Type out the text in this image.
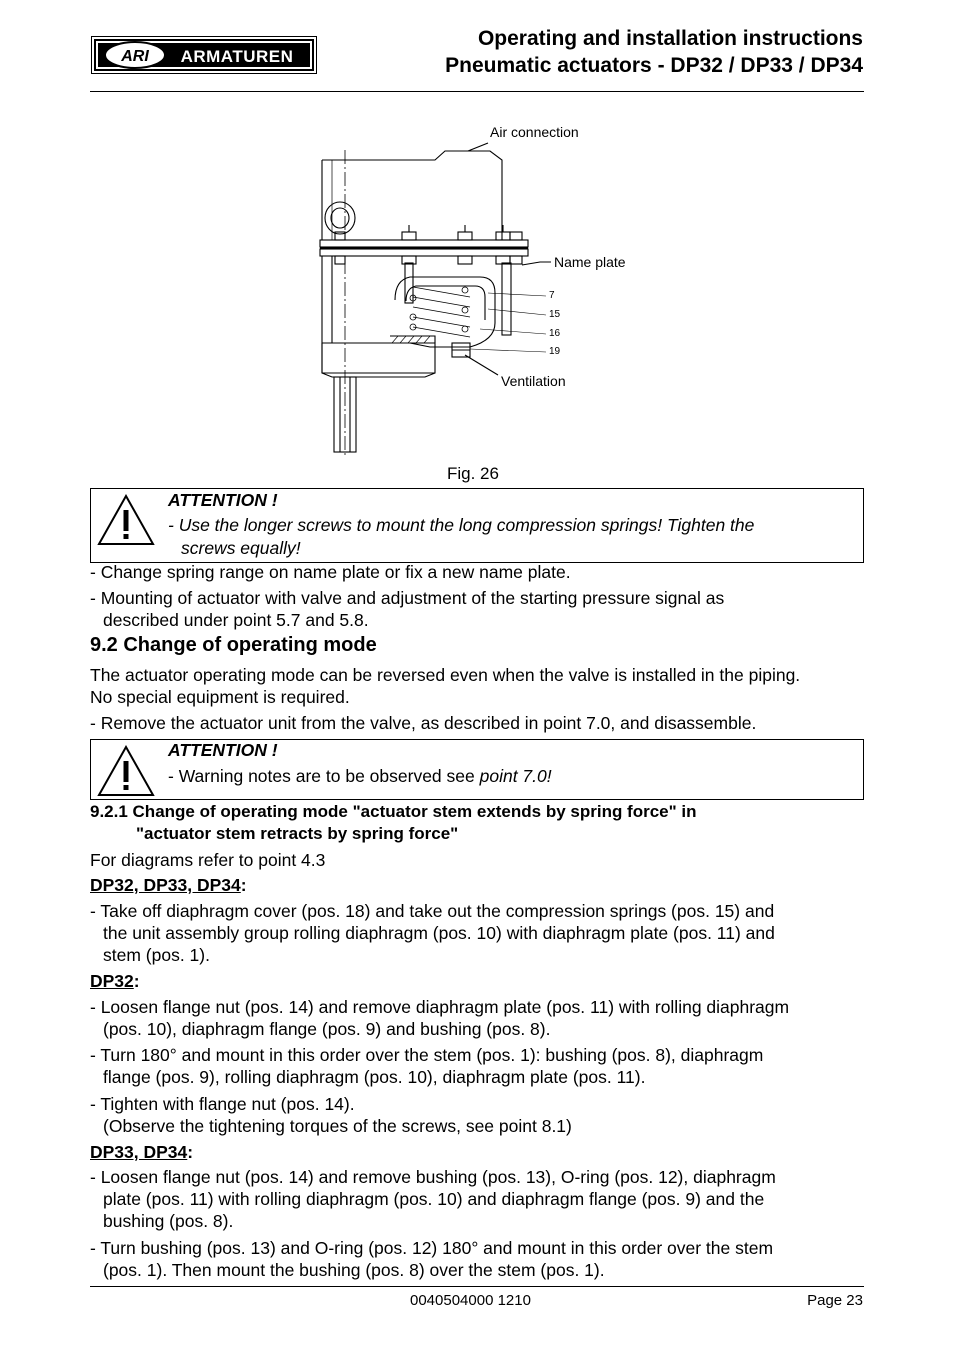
ARI ARMATUREN
Operating and installation instructions
Pneumatic actuators - DP32 / DP33 / DP34
Air connection
Name plate
7
15
16
19
Ventilation
Fig. 26
ATTENTION !
- Use the longer screws to mount the long compression springs! Tighten the
screws equally!
- Change spring range on name plate or fix a new name plate.
- Mounting of actuator with valve and adjustment of the starting pressure signal as
described under point 5.7 and 5.8.
9.2 Change of operating mode
The actuator operating mode can be reversed even when the valve is installed in the piping.
No special equipment is required.
- Remove the actuator unit from the valve, as described in point 7.0, and disassemble.
ATTENTION !
- Warning notes are to be observed see point 7.0!
9.2.1 Change of operating mode "actuator stem extends by spring force" in
"actuator stem retracts by spring force"
For diagrams refer to point 4.3
DP32, DP33, DP34:
- Take off diaphragm cover (pos. 18) and take out the compression springs (pos. 15) and
the unit assembly group rolling diaphragm (pos. 10) with diaphragm plate (pos. 11) and
stem (pos. 1).
DP32:
- Loosen flange nut (pos. 14) and remove diaphragm plate (pos. 11) with rolling diaphragm
(pos. 10), diaphragm flange (pos. 9) and bushing (pos. 8).
- Turn 180° and mount in this order over the stem (pos. 1): bushing (pos. 8), diaphragm
flange (pos. 9), rolling diaphragm (pos. 10), diaphragm plate (pos. 11).
- Tighten with flange nut (pos. 14).
(Observe the tightening torques of the screws, see point 8.1)
DP33, DP34:
- Loosen flange nut (pos. 14) and remove bushing (pos. 13), O-ring (pos. 12), diaphragm
plate (pos. 11) with rolling diaphragm (pos. 10) and diaphragm flange (pos. 9) and the
bushing (pos. 8).
- Turn bushing (pos. 13) and O-ring (pos. 12) 180° and mount in this order over the stem
(pos. 1). Then mount the bushing (pos. 8) over the stem (pos. 1).
0040504000 1210	Page 23
